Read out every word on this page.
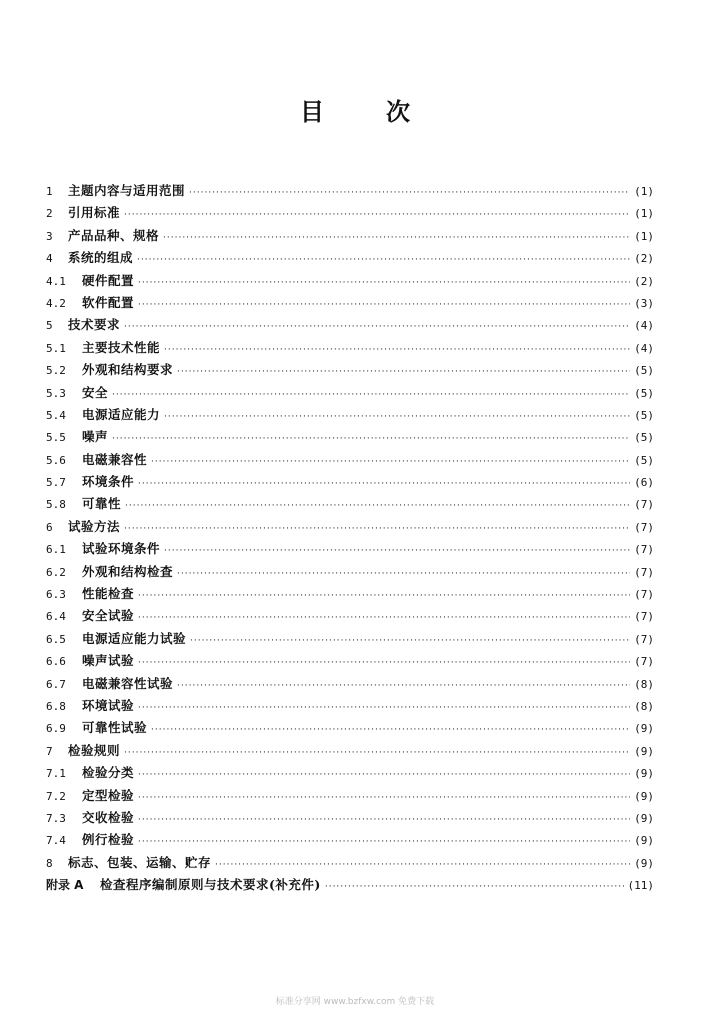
目	次
1	主题内容与适用范围 ·····	(1)
2	引用标准 ·····	(1)
3	产品品种、规格 ·····	(1)
4	系统的组成 ·····	(2)
4.1	硬件配置 ·····	(2)
4.2	软件配置 ·····	(3)
5	技术要求 ·····	(4)
5.1	主要技术性能 ·····	(4)
5.2	外观和结构要求 ·····	(5)
5.3	安全 ·····	(5)
5.4	电源适应能力 ·····	(5)
5.5	噪声 ·····	(5)
5.6	电磁兼容性 ·····	(5)
5.7	环境条件 ·····	(6)
5.8	可靠性 ·····	(7)
6	试验方法 ·····	(7)
6.1	试验环境条件 ·····	(7)
6.2	外观和结构检查 ·····	(7)
6.3	性能检查 ·····	(7)
6.4	安全试验 ·····	(7)
6.5	电源适应能力试验 ·····	(7)
6.6	噪声试验 ·····	(7)
6.7	电磁兼容性试验 ·····	(8)
6.8	环境试验 ·····	(8)
6.9	可靠性试验 ·····	(9)
7	检验规则 ·····	(9)
7.1	检验分类 ·····	(9)
7.2	定型检验 ·····	(9)
7.3	交收检验 ·····	(9)
7.4	例行检验 ·····	(9)
8	标志、包装、运输、贮存 ·····	(9)
附录 A	检查程序编制原则与技术要求(补充件) ·····	(11)
标准分享网 www.bzfxw.com 免费下载
